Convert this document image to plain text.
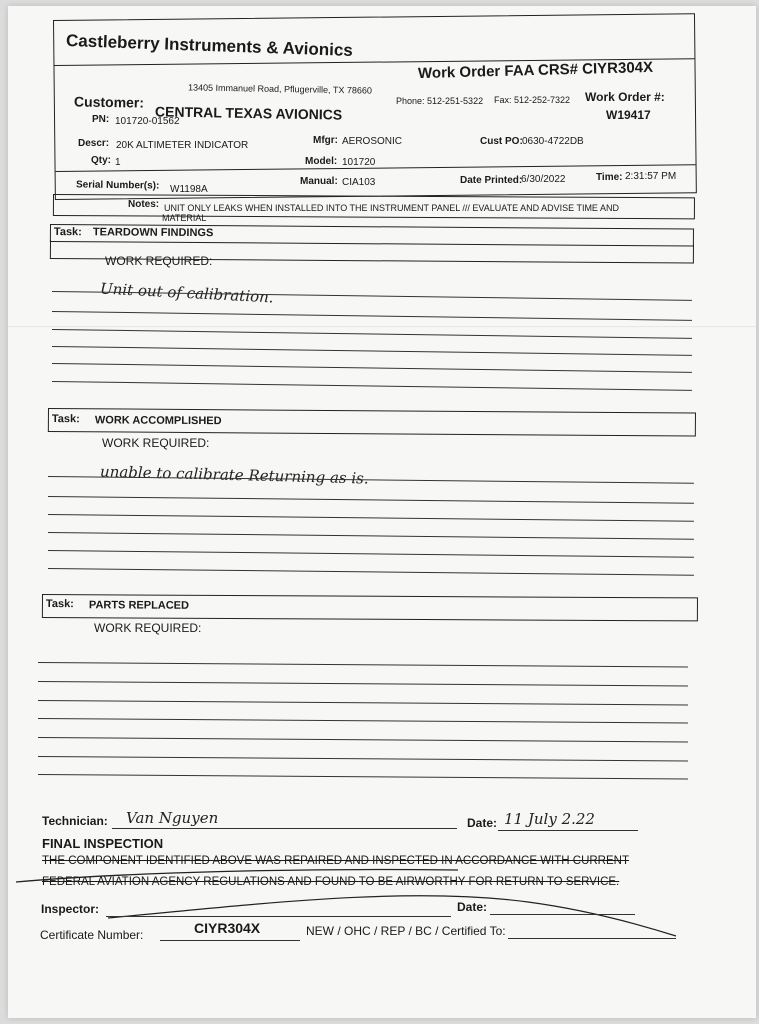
Castleberry Instruments & Avionics
Work Order FAA CRS# CIYR304X
13405 Immanuel Road, Pflugerville, TX 78660
Phone: 512-251-5322 Fax: 512-252-7322 Work Order #:
W19417
Customer:
CENTRAL TEXAS AVIONICS
PN: 101720-01562
Descr: 20K ALTIMETER INDICATOR
Qty: 1
Mfgr: AEROSONIC
Model: 101720
Manual: CIA103
Cust PO: 0630-4722DB
Date Printed:
6/30/2022	Time: 2:31:57 PM
Serial Number(s): W1198A
Notes: UNIT ONLY LEAKS WHEN INSTALLED INTO THE INSTRUMENT PANEL /// EVALUATE AND ADVISE TIME AND
MATERIAL
Task: TEARDOWN FINDINGS
WORK REQUIRED:
Unit out of calibration.
Task: WORK ACCOMPLISHED
WORK REQUIRED:
unable to calibrate Returning as is.
Task: PARTS REPLACED
WORK REQUIRED:
Technician: Van Nguyen	Date: 11 July 2.22
FINAL INSPECTION
THE COMPONENT IDENTIFIED ABOVE WAS REPAIRED AND INSPECTED IN ACCORDANCE WITH CURRENT
FEDERAL AVIATION AGENCY REGULATIONS AND FOUND TO BE AIRWORTHY FOR RETURN TO SERVICE.
Inspector:	Date:
Certificate Number:	CIYR304X	NEW / OHC / REP / BC / Certified To:
